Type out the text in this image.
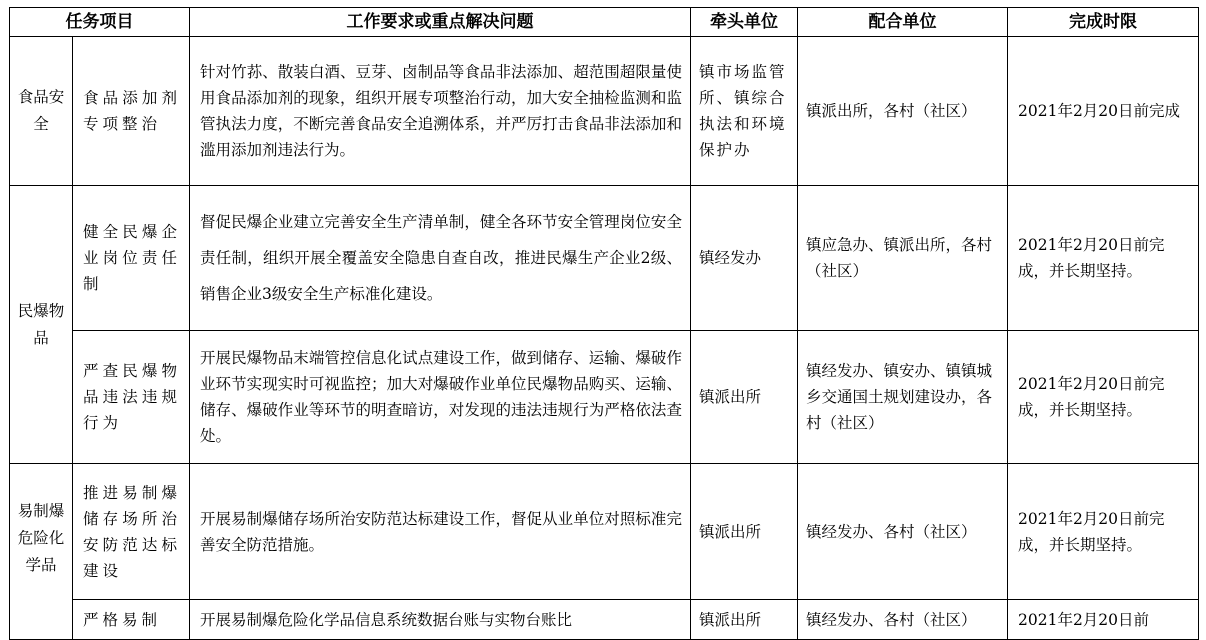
任务项目		工作要求或重点解决问题	牵头单位	配合单位	完成时限
食品安全	食品添加剂专项整治	针对竹荪、散装白酒、豆芽、卤制品等食品非法添加、超范围超限量使用食品添加剂的现象，组织开展专项整治行动，加大安全抽检监测和监管执法力度，不断完善食品安全追溯体系，并严厉打击食品非法添加和滥用添加剂违法行为。	镇市场监管所、镇综合执法和环境保护办	镇派出所，各村（社区）	2021年2月20日前完成
民爆物品	健全民爆企业岗位责任制	督促民爆企业建立完善安全生产清单制，健全各环节安全管理岗位安全责任制，组织开展全覆盖安全隐患自查自改，推进民爆生产企业2级、销售企业3级安全生产标准化建设。	镇经发办	镇应急办、镇派出所，各村（社区）	2021年2月20日前完成，并长期坚持。
	严查民爆物品违法违规行为	开展民爆物品末端管控信息化试点建设工作，做到储存、运输、爆破作业环节实现实时可视监控；加大对爆破作业单位民爆物品购买、运输、储存、爆破作业等环节的明查暗访，对发现的违法违规行为严格依法查处。	镇派出所	镇经发办、镇安办、镇镇城乡交通国土规划建设办，各村（社区）	2021年2月20日前完成，并长期坚持。
易制爆危险化学品	推进易制爆储存场所治安防范达标建设	开展易制爆储存场所治安防范达标建设工作，督促从业单位对照标准完善安全防范措施。	镇派出所	镇经发办、各村（社区）	2021年2月20日前完成，并长期坚持。
	严格易制	开展易制爆危险化学品信息系统数据台账与实物台账比	镇派出所	镇经发办、各村（社区）	2021年2月20日前
